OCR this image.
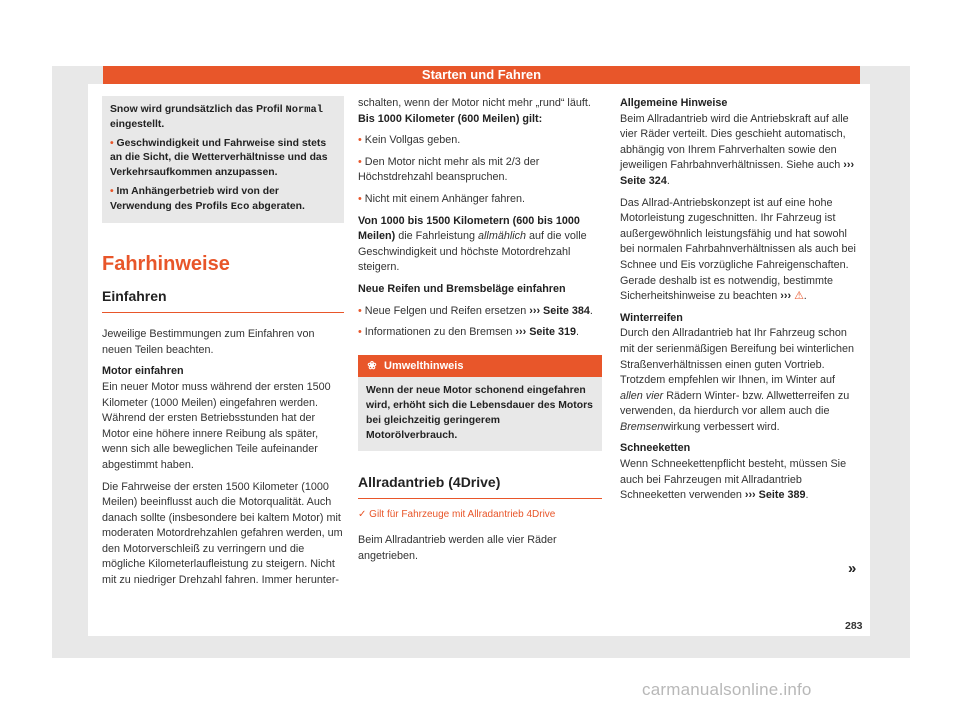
Starten und Fahren

Snow wird grundsätzlich das Profil Normal eingestellt.

• Geschwindigkeit und Fahrweise sind stets an die Sicht, die Wetterverhältnisse und das Verkehrsaufkommen anzupassen.

• Im Anhängerbetrieb wird von der Verwendung des Profils Eco abgeraten.

Fahrhinweise
Einfahren

Jeweilige Bestimmungen zum Einfahren von neuen Teilen beachten.

Motor einfahren

Ein neuer Motor muss während der ersten 1500 Kilometer (1000 Meilen) eingefahren werden. Während der ersten Betriebsstunden hat der Motor eine höhere innere Reibung als später, wenn sich alle beweglichen Teile aufeinander abgestimmt haben.

Die Fahrweise der ersten 1500 Kilometer (1000 Meilen) beeinflusst auch die Motorqualität. Auch danach sollte (insbesondere bei kaltem Motor) mit moderaten Motordrehzahlen gefahren werden, um den Motorverschleiß zu verringern und die mögliche Kilometerlaufleistung zu steigern. Nicht mit zu niedriger Drehzahl fahren. Immer herunter-

schalten, wenn der Motor nicht mehr „rund“ läuft. Bis 1000 Kilometer (600 Meilen) gilt:

• Kein Vollgas geben.

• Den Motor nicht mehr als mit 2/3 der Höchstdrehzahl beanspruchen.

• Nicht mit einem Anhänger fahren.

Von 1000 bis 1500 Kilometern (600 bis 1000 Meilen) die Fahrleistung allmählich auf die volle Geschwindigkeit und höchste Motordrehzahl steigern.

Neue Reifen und Bremsbeläge einfahren

• Neue Felgen und Reifen ersetzen ››› Seite 384.

• Informationen zu den Bremsen ››› Seite 319.

❀ Umwelthinweis
Wenn der neue Motor schonend eingefahren wird, erhöht sich die Lebensdauer des Motors bei gleichzeitig geringerem Motorölverbrauch.
Allradantrieb (4Drive)
✓ Gilt für Fahrzeuge mit Allradantrieb 4Drive

Beim Allradantrieb werden alle vier Räder angetrieben.

Allgemeine Hinweise

Beim Allradantrieb wird die Antriebskraft auf alle vier Räder verteilt. Dies geschieht automatisch, abhängig von Ihrem Fahrverhalten sowie den jeweiligen Fahrbahnverhältnissen. Siehe auch ››› Seite 324.

Das Allrad-Antriebskonzept ist auf eine hohe Motorleistung zugeschnitten. Ihr Fahrzeug ist außergewöhnlich leistungsfähig und hat sowohl bei normalen Fahrbahnverhältnissen als auch bei Schnee und Eis vorzügliche Fahreigenschaften. Gerade deshalb ist es notwendig, bestimmte Sicherheitshinweise zu beachten ››› ⚠.

Winterreifen

Durch den Allradantrieb hat Ihr Fahrzeug schon mit der serienmäßigen Bereifung bei winterlichen Straßenverhältnissen einen guten Vortrieb. Trotzdem empfehlen wir Ihnen, im Winter auf allen vier Rädern Winter- bzw. Allwetterreifen zu verwenden, da hierdurch vor allem auch die Bremsenwirkung verbessert wird.

Schneeketten

Wenn Schneekettenpflicht besteht, müssen Sie auch bei Fahrzeugen mit Allradantrieb Schneeketten verwenden ››› Seite 389.

»
283
carmanualsonline.info
